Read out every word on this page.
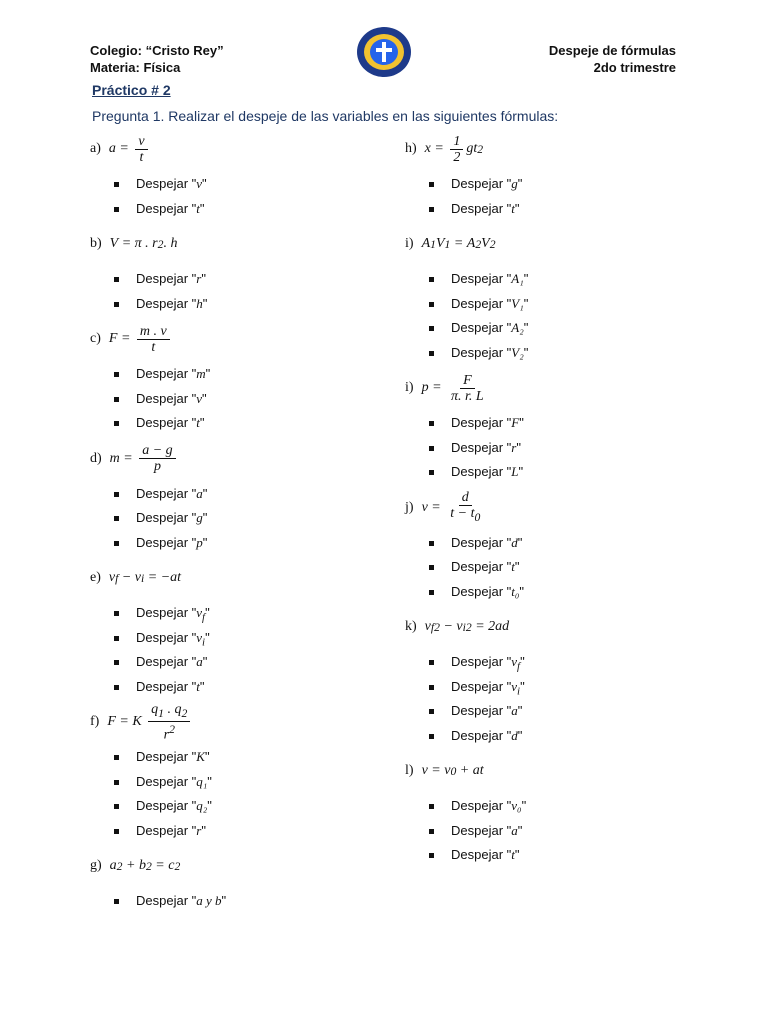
Colegio: “Cristo Rey”
Materia: Física
Despeje de fórmulas
2do trimestre
Práctico # 2
Pregunta 1. Realizar el despeje de las variables en las siguientes fórmulas:
a) $a = \frac{v}{t}$
Despejar "v"
Despejar "t"
b) V = π . r 2 . h
Despejar "r"
Despejar "h"
c) $F = \frac{m . v}{t}$
Despejar "m"
Despejar "v"
Despejar "t"
d) $m = \frac{a - g}{p}$
Despejar "a"
Despejar "g"
Despejar "p"
e) v f − v i = −at
Despejar "$v_f$"
Despejar "$v_i$"
Despejar "a"
Despejar "t"
f) F = K $\frac{q_1 . q_2}{r^2}$
Despejar "K"
Despejar "q₁"
Despejar "q₂"
Despejar "r"
g) a 2 + b 2 = c 2
Despejar "a y b"
h) $x = \frac{1}{2}$ gt 2
Despejar "g"
Despejar "t"
i) A 1 V 1 = A 2 V 2
Despejar "A₁"
Despejar "V₁"
Despejar "A₂"
Despejar "V₂"
i) $p = \frac{F}{\pi. r. L}$
Despejar "F"
Despejar "r"
Despejar "L"
j) $v = \frac{d}{t - t_0}$
Despejar "d"
Despejar "t"
Despejar "t₀"
k) v f 2 − v i 2 = 2ad
Despejar "$v_f$"
Despejar "$v_i$"
Despejar "a"
Despejar "d"
l) v = v 0 + at
Despejar "v₀"
Despejar "a"
Despejar "t"
